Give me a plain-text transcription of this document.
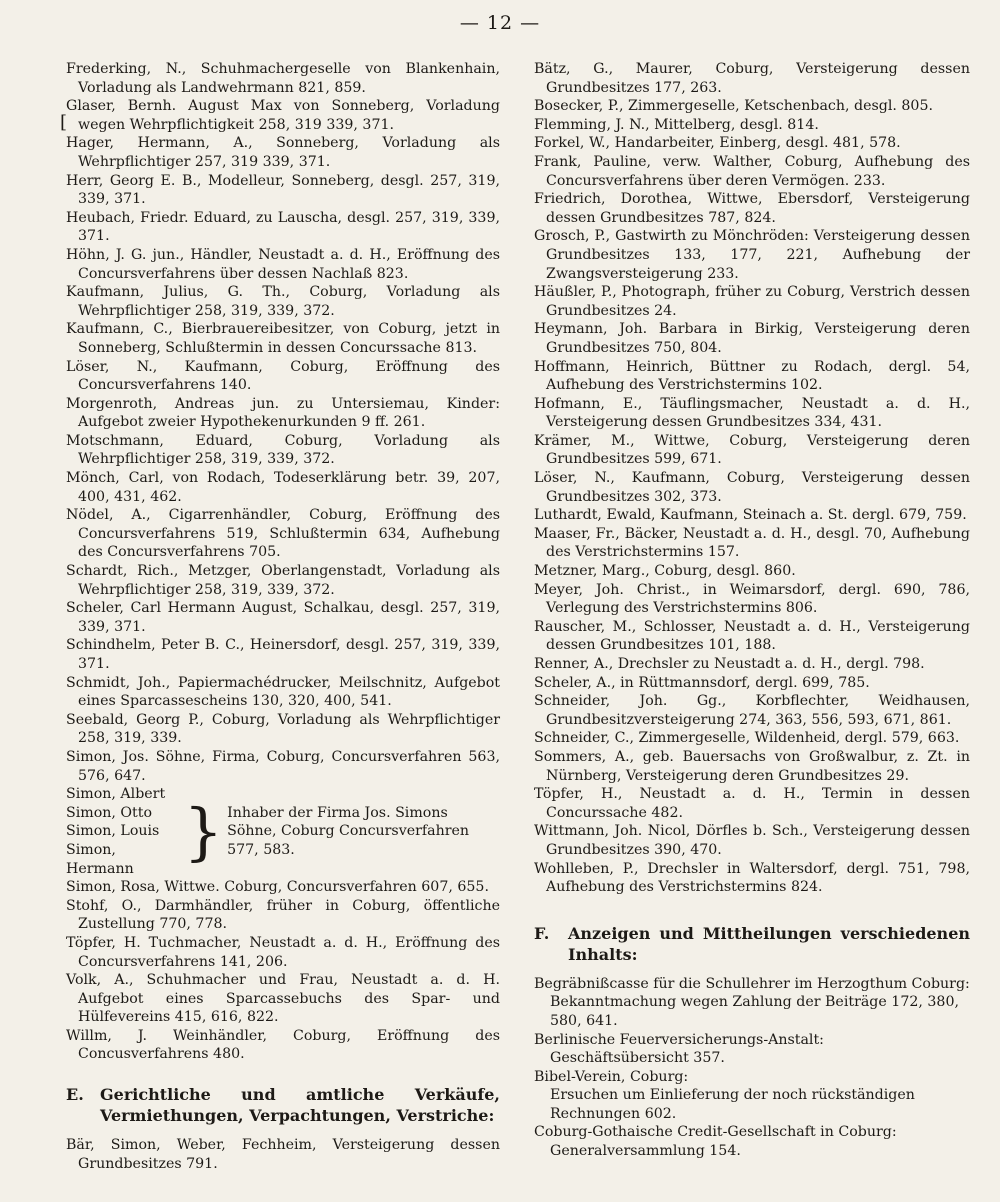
— 12 —
[

Frederking, N., Schuhmachergeselle von Blankenhain, Vorladung als Landwehrmann 821, 859.

Glaser, Bernh. August Max von Sonneberg, Vorladung wegen Wehrpflichtigkeit 258, 319 339, 371.

Hager, Hermann, A., Sonneberg, Vorladung als Wehrpflichtiger 257, 319 339, 371.

Herr, Georg E. B., Modelleur, Sonneberg, desgl. 257, 319, 339, 371.

Heubach, Friedr. Eduard, zu Lauscha, desgl. 257, 319, 339, 371.

Höhn, J. G. jun., Händler, Neustadt a. d. H., Eröffnung des Concursverfahrens über dessen Nachlaß 823.

Kaufmann, Julius, G. Th., Coburg, Vorladung als Wehrpflichtiger 258, 319, 339, 372.

Kaufmann, C., Bierbrauereibesitzer, von Coburg, jetzt in Sonneberg, Schlußtermin in dessen Concurssache 813.

Löser, N., Kaufmann, Coburg, Eröffnung des Concursverfahrens 140.

Morgenroth, Andreas jun. zu Untersiemau, Kinder: Aufgebot zweier Hypothekenurkunden 9 ff. 261.

Motschmann, Eduard, Coburg, Vorladung als Wehrpflichtiger 258, 319, 339, 372.

Mönch, Carl, von Rodach, Todeserklärung betr. 39, 207, 400, 431, 462.

Nödel, A., Cigarrenhändler, Coburg, Eröffnung des Concursverfahrens 519, Schlußtermin 634, Aufhebung des Concursverfahrens 705.

Schardt, Rich., Metzger, Oberlangenstadt, Vorladung als Wehrpflichtiger 258, 319, 339, 372.

Scheler, Carl Hermann August, Schalkau, desgl. 257, 319, 339, 371.

Schindhelm, Peter B. C., Heinersdorf, desgl. 257, 319, 339, 371.

Schmidt, Joh., Papiermachédrucker, Meilschnitz, Aufgebot eines Sparcassescheins 130, 320, 400, 541.

Seebald, Georg P., Coburg, Vorladung als Wehrpflichtiger 258, 319, 339.

Simon, Jos. Söhne, Firma, Coburg, Concursverfahren 563, 576, 647.

Simon, Albert
Simon, Otto
Simon, Louis
Simon, Hermann
} Inhaber der Firma Jos. Simons Söhne, Coburg Concursverfahren 577, 583.

Simon, Rosa, Wittwe. Coburg, Concursverfahren 607, 655.

Stohf, O., Darmhändler, früher in Coburg, öffentliche Zustellung 770, 778.

Töpfer, H. Tuchmacher, Neustadt a. d. H., Eröffnung des Concursverfahrens 141, 206.

Volk, A., Schuhmacher und Frau, Neustadt a. d. H. Aufgebot eines Sparcassebuchs des Spar- und Hülfevereins 415, 616, 822.

Willm, J. Weinhändler, Coburg, Eröffnung des Concusverfahrens 480.

E.	Gerichtliche und amtliche Verkäufe, Vermiethungen, Verpachtungen, Verstriche:

Bär, Simon, Weber, Fechheim, Versteigerung dessen Grundbesitzes 791.

Bätz, G., Maurer, Coburg, Versteigerung dessen Grundbesitzes 177, 263.

Bosecker, P., Zimmergeselle, Ketschenbach, desgl. 805.

Flemming, J. N., Mittelberg, desgl. 814.

Forkel, W., Handarbeiter, Einberg, desgl. 481, 578.

Frank, Pauline, verw. Walther, Coburg, Aufhebung des Concursverfahrens über deren Vermögen. 233.

Friedrich, Dorothea, Wittwe, Ebersdorf, Versteigerung dessen Grundbesitzes 787, 824.

Grosch, P., Gastwirth zu Mönchröden: Versteigerung dessen Grundbesitzes 133, 177, 221, Aufhebung der Zwangsversteigerung 233.

Häußler, P., Photograph, früher zu Coburg, Verstrich dessen Grundbesitzes 24.

Heymann, Joh. Barbara in Birkig, Versteigerung deren Grundbesitzes 750, 804.

Hoffmann, Heinrich, Büttner zu Rodach, dergl. 54, Aufhebung des Verstrichstermins 102.

Hofmann, E., Täuflingsmacher, Neustadt a. d. H., Versteigerung dessen Grundbesitzes 334, 431.

Krämer, M., Wittwe, Coburg, Versteigerung deren Grundbesitzes 599, 671.

Löser, N., Kaufmann, Coburg, Versteigerung dessen Grundbesitzes 302, 373.

Luthardt, Ewald, Kaufmann, Steinach a. St. dergl. 679, 759.

Maaser, Fr., Bäcker, Neustadt a. d. H., desgl. 70, Aufhebung des Verstrichstermins 157.

Metzner, Marg., Coburg, desgl. 860.

Meyer, Joh. Christ., in Weimarsdorf, dergl. 690, 786, Verlegung des Verstrichstermins 806.

Rauscher, M., Schlosser, Neustadt a. d. H., Versteigerung dessen Grundbesitzes 101, 188.

Renner, A., Drechsler zu Neustadt a. d. H., dergl. 798.

Scheler, A., in Rüttmannsdorf, dergl. 699, 785.

Schneider, Joh. Gg., Korbflechter, Weidhausen, Grundbesitzversteigerung 274, 363, 556, 593, 671, 861.

Schneider, C., Zimmergeselle, Wildenheid, dergl. 579, 663.

Sommers, A., geb. Bauersachs von Großwalbur, z. Zt. in Nürnberg, Versteigerung deren Grundbesitzes 29.

Töpfer, H., Neustadt a. d. H., Termin in dessen Concurssache 482.

Wittmann, Joh. Nicol, Dörfles b. Sch., Versteigerung dessen Grundbesitzes 390, 470.

Wohlleben, P., Drechsler in Waltersdorf, dergl. 751, 798, Aufhebung des Verstrichstermins 824.

F.	Anzeigen und Mittheilungen verschiedenen Inhalts:

Begräbnißcasse für die Schullehrer im Herzogthum Coburg:

Bekanntmachung wegen Zahlung der Beiträge 172, 380, 580, 641.

Berlinische Feuerversicherungs-Anstalt:

Geschäftsübersicht 357.

Bibel-Verein, Coburg:

Ersuchen um Einlieferung der noch rückständigen Rechnungen 602.

Coburg-Gothaische Credit-Gesellschaft in Coburg:

Generalversammlung 154.
